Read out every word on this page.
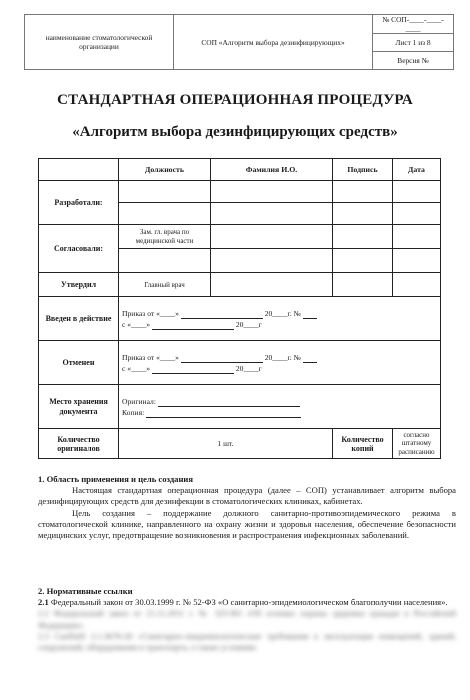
наименование стоматологической организации	СОП «Алгоритм выбора дезинфицирующих»	№ СОП-____-____-____
Лист 1 из 8
Версия №
СТАНДАРТНАЯ ОПЕРАЦИОННАЯ ПРОЦЕДУРА
«Алгоритм выбора дезинфицирующих средств»
	Должность	Фамилия И.О.	Подпись	Дата
Разработали:				

Согласовали:	Зам. гл. врача по медицинской части			

Утвердил	Главный врач			
Введен в действие	Приказ от «____» 20____г. №
с «____» 20____г			

Отменен	Приказ от «____» 20____г. №
с «____» 20____г			

Место хранения документа	Оригинал:
Копия:			

Количество оригиналов	1 шт.		Количество копий	согласно штатному расписанию
1. Область применения и цель создания
Настоящая стандартная операционная процедура (далее – СОП) устанавливает алгоритм выбора дезинфицирующих средств для дезинфекции в стоматологических клиниках, кабинетах.
Цель создания – поддержание должного санитарно-противоэпидемического режима в стоматологической клинике, направленного на охрану жизни и здоровья населения, обеспечение безопасности медицинских услуг, предотвращение возникновения и распространения инфекционных заболеваний.
2. Нормативные ссылки
2.1 Федеральный закон от 30.03.1999 г. № 52-ФЗ «О санитарно-эпидемиологическом благополучии населения».
2.2 Федеральный закон от 21.11.2011 г. № 323-ФЗ «Об основах охраны здоровья граждан в Российской Федерации».
2.3 СанПиН 2.1.3678-20 «Санитарно-эпидемиологические требования к эксплуатации помещений, зданий, сооружений, оборудования и транспорта, а также условиям
